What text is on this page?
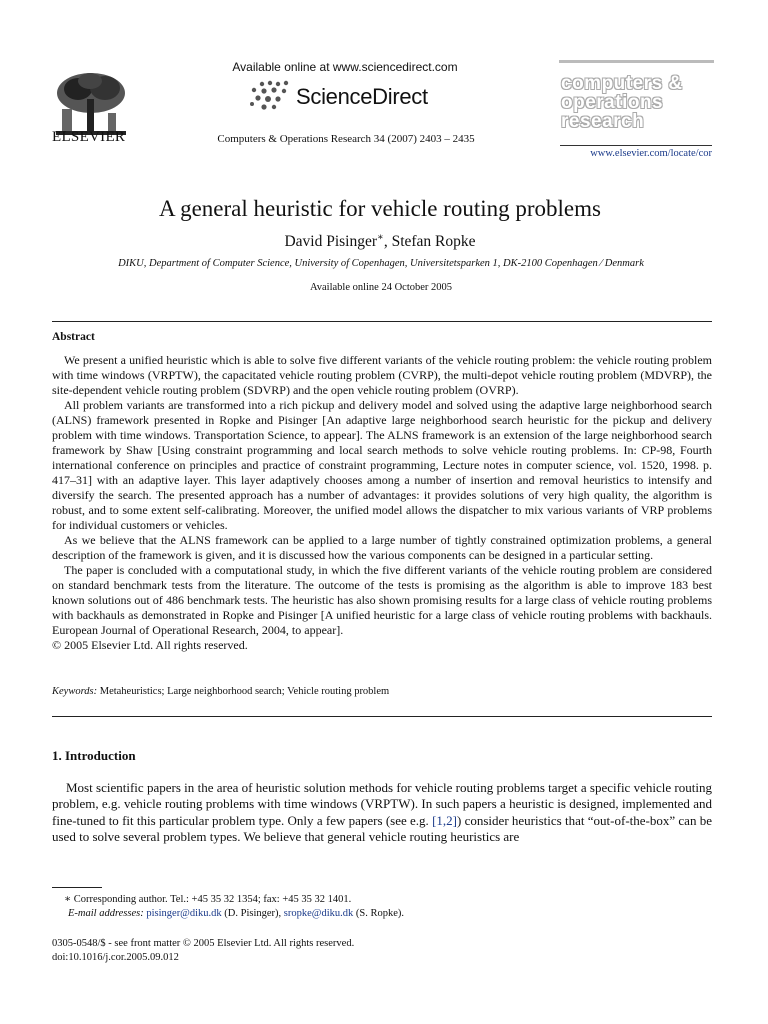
ELSEVIER
Available online at www.sciencedirect.com
ScienceDirect
Computers & Operations Research 34 (2007) 2403 – 2435
computers &
operations
research
www.elsevier.com/locate/cor
A general heuristic for vehicle routing problems
David Pisinger∗, Stefan Ropke
DIKU, Department of Computer Science, University of Copenhagen, Universitetsparken 1, DK-2100 Copenhagen ⁄ Denmark
Available online 24 October 2005
Abstract

We present a unified heuristic which is able to solve five different variants of the vehicle routing problem: the vehicle routing problem with time windows (VRPTW), the capacitated vehicle routing problem (CVRP), the multi-depot vehicle routing problem (MDVRP), the site-dependent vehicle routing problem (SDVRP) and the open vehicle routing problem (OVRP).

All problem variants are transformed into a rich pickup and delivery model and solved using the adaptive large neighborhood search (ALNS) framework presented in Ropke and Pisinger [An adaptive large neighborhood search heuristic for the pickup and delivery problem with time windows. Transportation Science, to appear]. The ALNS framework is an extension of the large neighborhood search framework by Shaw [Using constraint programming and local search methods to solve vehicle routing problems. In: CP-98, Fourth international conference on principles and practice of constraint programming, Lecture notes in computer science, vol. 1520, 1998. p. 417–31] with an adaptive layer. This layer adaptively chooses among a number of insertion and removal heuristics to intensify and diversify the search. The presented approach has a number of advantages: it provides solutions of very high quality, the algorithm is robust, and to some extent self-calibrating. Moreover, the unified model allows the dispatcher to mix various variants of VRP problems for individual customers or vehicles.

As we believe that the ALNS framework can be applied to a large number of tightly constrained optimization problems, a general description of the framework is given, and it is discussed how the various components can be designed in a particular setting.

The paper is concluded with a computational study, in which the five different variants of the vehicle routing problem are considered on standard benchmark tests from the literature. The outcome of the tests is promising as the algorithm is able to improve 183 best known solutions out of 486 benchmark tests. The heuristic has also shown promising results for a large class of vehicle routing problems with backhauls as demonstrated in Ropke and Pisinger [A unified heuristic for a large class of vehicle routing problems with backhauls. European Journal of Operational Research, 2004, to appear].

© 2005 Elsevier Ltd. All rights reserved.

Keywords: Metaheuristics; Large neighborhood search; Vehicle routing problem
1. Introduction

Most scientific papers in the area of heuristic solution methods for vehicle routing problems target a specific vehicle routing problem, e.g. vehicle routing problems with time windows (VRPTW). In such papers a heuristic is designed, implemented and fine-tuned to fit this particular problem type. Only a few papers (see e.g. [1,2]) consider heuristics that “out-of-the-box” can be used to solve several problem types. We believe that general vehicle routing heuristics are

∗ Corresponding author. Tel.: +45 35 32 1354; fax: +45 35 32 1401.
E-mail addresses: pisinger@diku.dk (D. Pisinger), sropke@diku.dk (S. Ropke).
0305-0548/$ - see front matter © 2005 Elsevier Ltd. All rights reserved.
doi:10.1016/j.cor.2005.09.012
